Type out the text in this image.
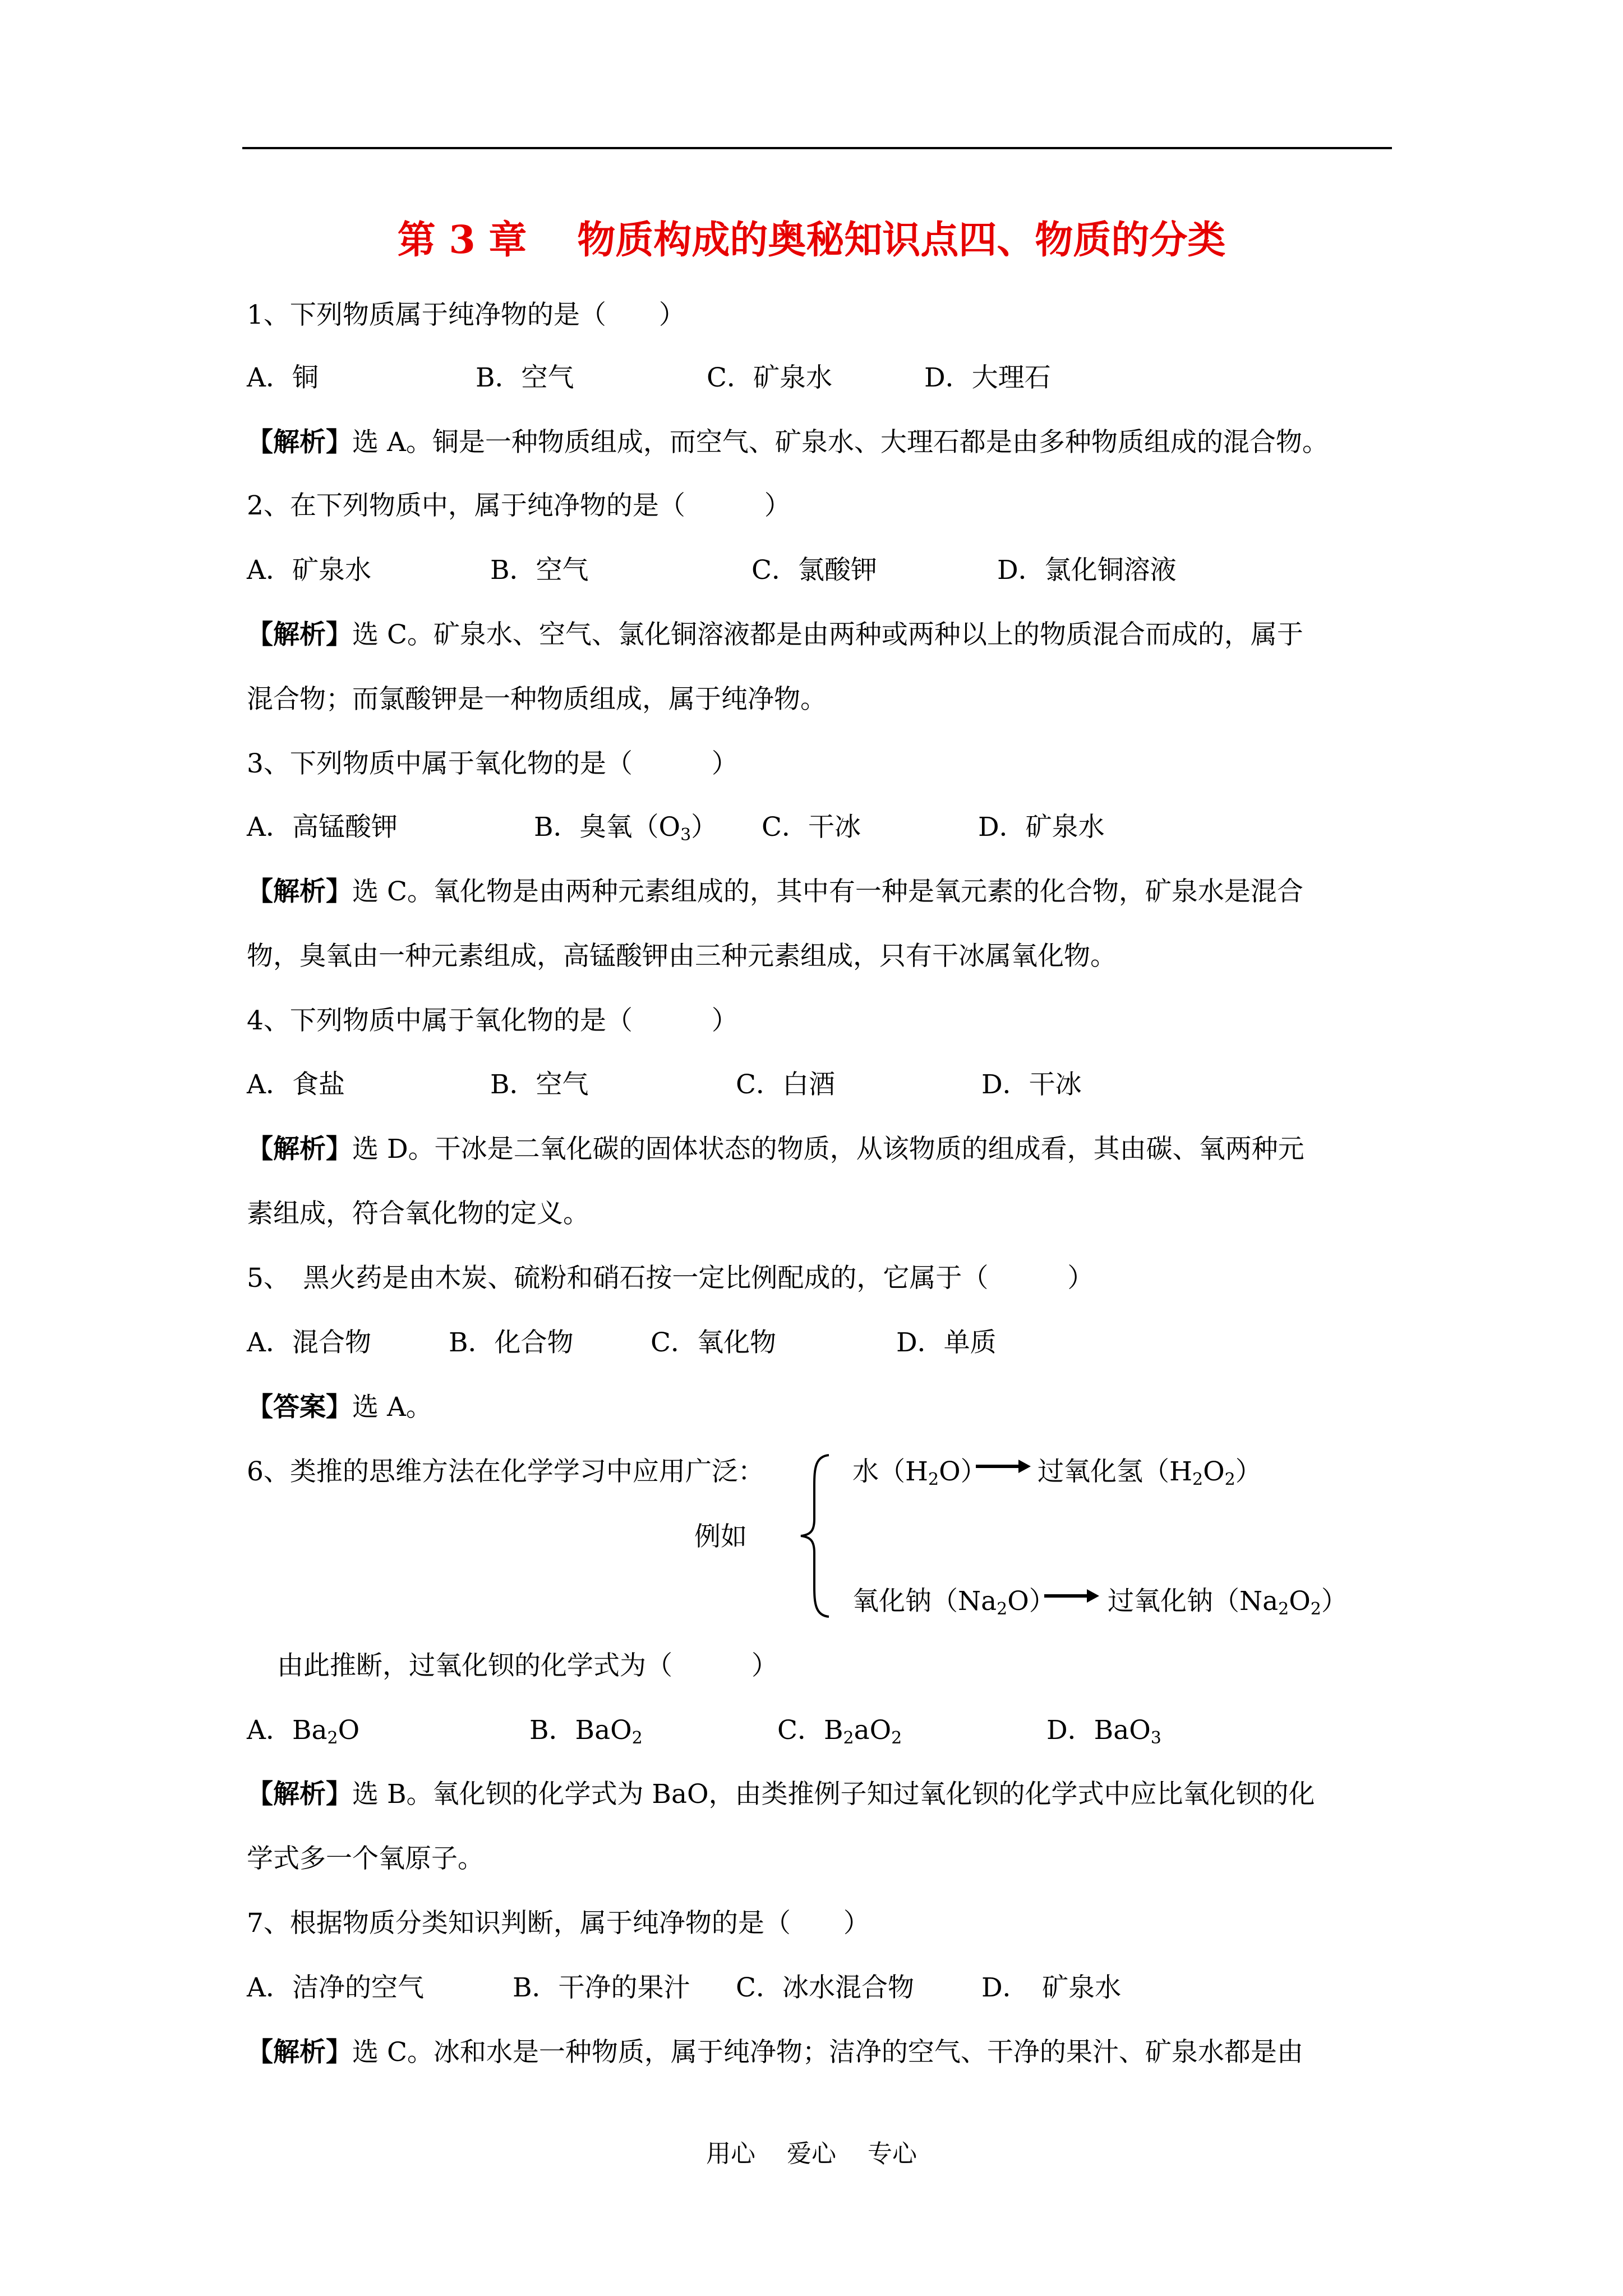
第 3 章 物质构成的奥秘知识点四、物质的分类
1、下列物质属于纯净物的是（　　）
A．铜	B．空气	C．矿泉水	D．大理石
【解析】选 A。铜是一种物质组成，而空气、矿泉水、大理石都是由多种物质组成的混合物。
2、在下列物质中，属于纯净物的是（　　　）
A．矿泉水	B．空气	C．氯酸钾	D．氯化铜溶液
【解析】选 C。矿泉水、空气、氯化铜溶液都是由两种或两种以上的物质混合而成的，属于
混合物；而氯酸钾是一种物质组成，属于纯净物。
3、下列物质中属于氧化物的是（　　　）
A．高锰酸钾	B．臭氧$(O_3)$ C．干冰	D．矿泉水
【解析】选 C。氧化物是由两种元素组成的，其中有一种是氧元素的化合物，矿泉水是混合
物，臭氧由一种元素组成，高锰酸钾由三种元素组成，只有干冰属氧化物。
4、下列物质中属于氧化物的是（　　　）
A．食盐	B．空气	C．白酒	D．干冰
【解析】选 D。干冰是二氧化碳的固体状态的物质，从该物质的组成看，其由碳、氧两种元
素组成，符合氧化物的定义。
5、　黑火药是由木炭、硫粉和硝石按一定比例配成的，它属于（　　　）
A．混合物	B．化合物	C．氧化物	D．单质
【答案】选 A。
6、类推的思维方法在化学学习中应用广泛：	水$(H_2O)$ 过氧化氢$(H_2O_2)$
例如
氧化钠$(Na_2O)$ 过氧化钠$(Na_2O_2)$
由此推断，过氧化钡的化学式为（　　　）
A．$Ba_2O$	B．BaO$_2$	C．$B_2aO_2$	D．BaO$_3$
【解析】选 B。氧化钡的化学式为 BaO，由类推例子知过氧化钡的化学式中应比氧化钡的化
学式多一个氧原子。
7、根据物质分类知识判断，属于纯净物的是（　　）
A．洁净的空气	B．干净的果汁 C．冰水混合物	D．　矿泉水
【解析】选 C。冰和水是一种物质，属于纯净物；洁净的空气、干净的果汁、矿泉水都是由
用心 爱心 专心
